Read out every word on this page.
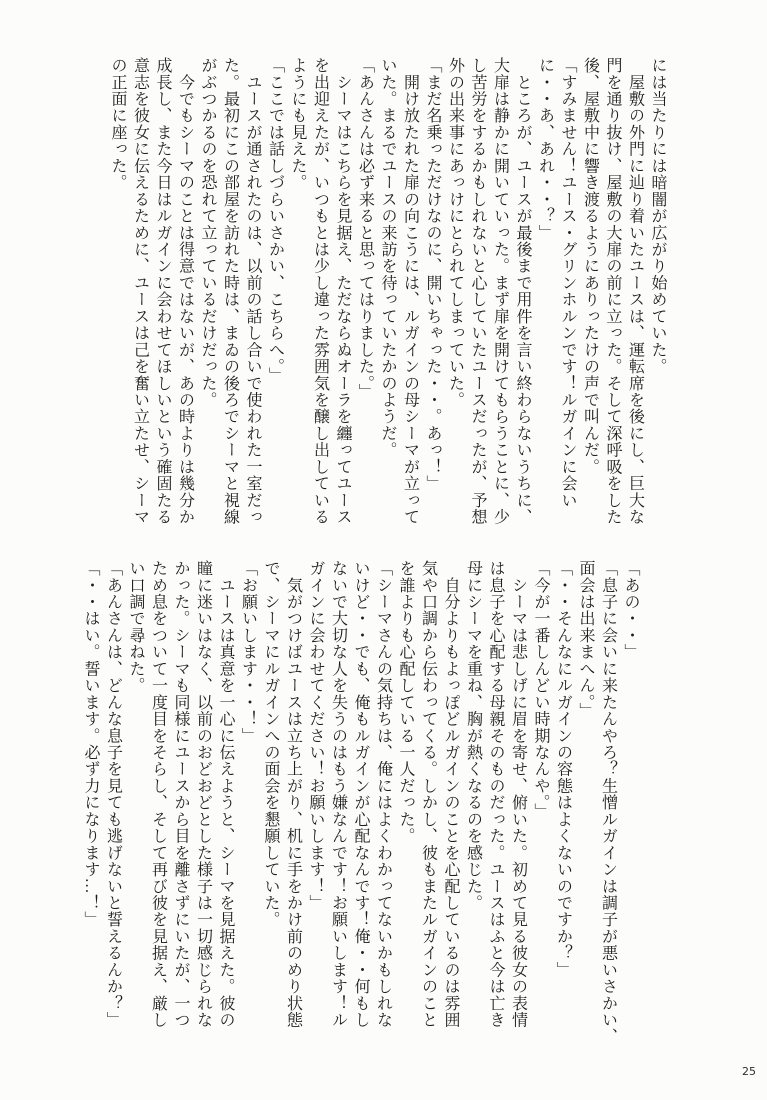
には当たりには暗闇が広がり始めていた。
　屋敷の外門に辿り着いたユースは、運転席を後にし、巨大な
門を通り抜け、屋敷の大扉の前に立った。そして深呼吸をした
後、屋敷中に響き渡るようにありったけの声で叫んだ。
「すみません！ユース・グリンホルンです！ルガインに会い
に・・あ、あれ・・？」
　ところが、ユースが最後まで用件を言い終わらないうちに、
大扉は静かに開いていった。まず扉を開けてもらうことに、少
し苦労をするかもしれないと心していたユースだったが、予想
外の出来事にあっけにとられてしまっていた。
「まだ名乗っただけなのに、開いちゃった・・。あっ！」
　開け放たれた扉の向こうには、ルガインの母シーマが立って
いた。まるでユースの来訪を待っていたかのようだ。
「あんさんは必ず来ると思ってはりました。」
　シーマはこちらを見据え、ただならぬオーラを纏ってユース
を出迎えたが、いつもとは少し違った雰囲気を醸し出している
ようにも見えた。
「ここでは話しづらいさかい、こちらへ。」
　ユースが通されたのは、以前の話し合いで使われた一室だっ
た。最初にこの部屋を訪れた時は、まゐの後ろでシーマと視線
がぶつかるのを恐れて立っているだけだった。
　今でもシーマのことは得意ではないが、あの時よりは幾分か
成長し、また今日はルガインに会わせてほしいという確固たる
意志を彼女に伝えるために、ユースは己を奮い立たせ、シーマ
の正面に座った。
「あの・・」
「息子に会いに来たんやろ？生憎ルガインは調子が悪いさかい、
面会は出来まへん。」
「・・そんなにルガインの容態はよくないのですか？」
「今が一番しんどい時期なんや。」
　シーマは悲しげに眉を寄せ、俯いた。初めて見る彼女の表情
は息子を心配する母親そのものだった。ユースはふと今は亡き
母にシーマを重ね、胸が熱くなるのを感じた。
　自分よりもよっぽどルガインのことを心配しているのは雰囲
気や口調から伝わってくる。しかし、彼もまたルガインのこと
を誰よりも心配している一人だった。
「シーマさんの気持ちは、俺にはよくわかってないかもしれな
いけど・・でも、俺もルガインが心配なんです！俺・・何もし
ないで大切な人を失うのはもう嫌なんです！お願いします！ル
ガインに会わせてください！お願いします！」
　気がつけばユースは立ち上がり、机に手をかけ前のめり状態
で、シーマにルガインへの面会を懇願していた。
「お願いします・・！」
　ユースは真意を一心に伝えようと、シーマを見据えた。彼の
瞳に迷いはなく、以前のおどおどとした様子は一切感じられな
かった。シーマも同様にユースから目を離さずにいたが、一つ
ため息をついて一度目をそらし、そして再び彼を見据え、厳し
い口調で尋ねた。
「あんさんは、どんな息子を見ても逃げないと誓えるんか？」
「・・はい。誓います。必ず力になります…！」
25
